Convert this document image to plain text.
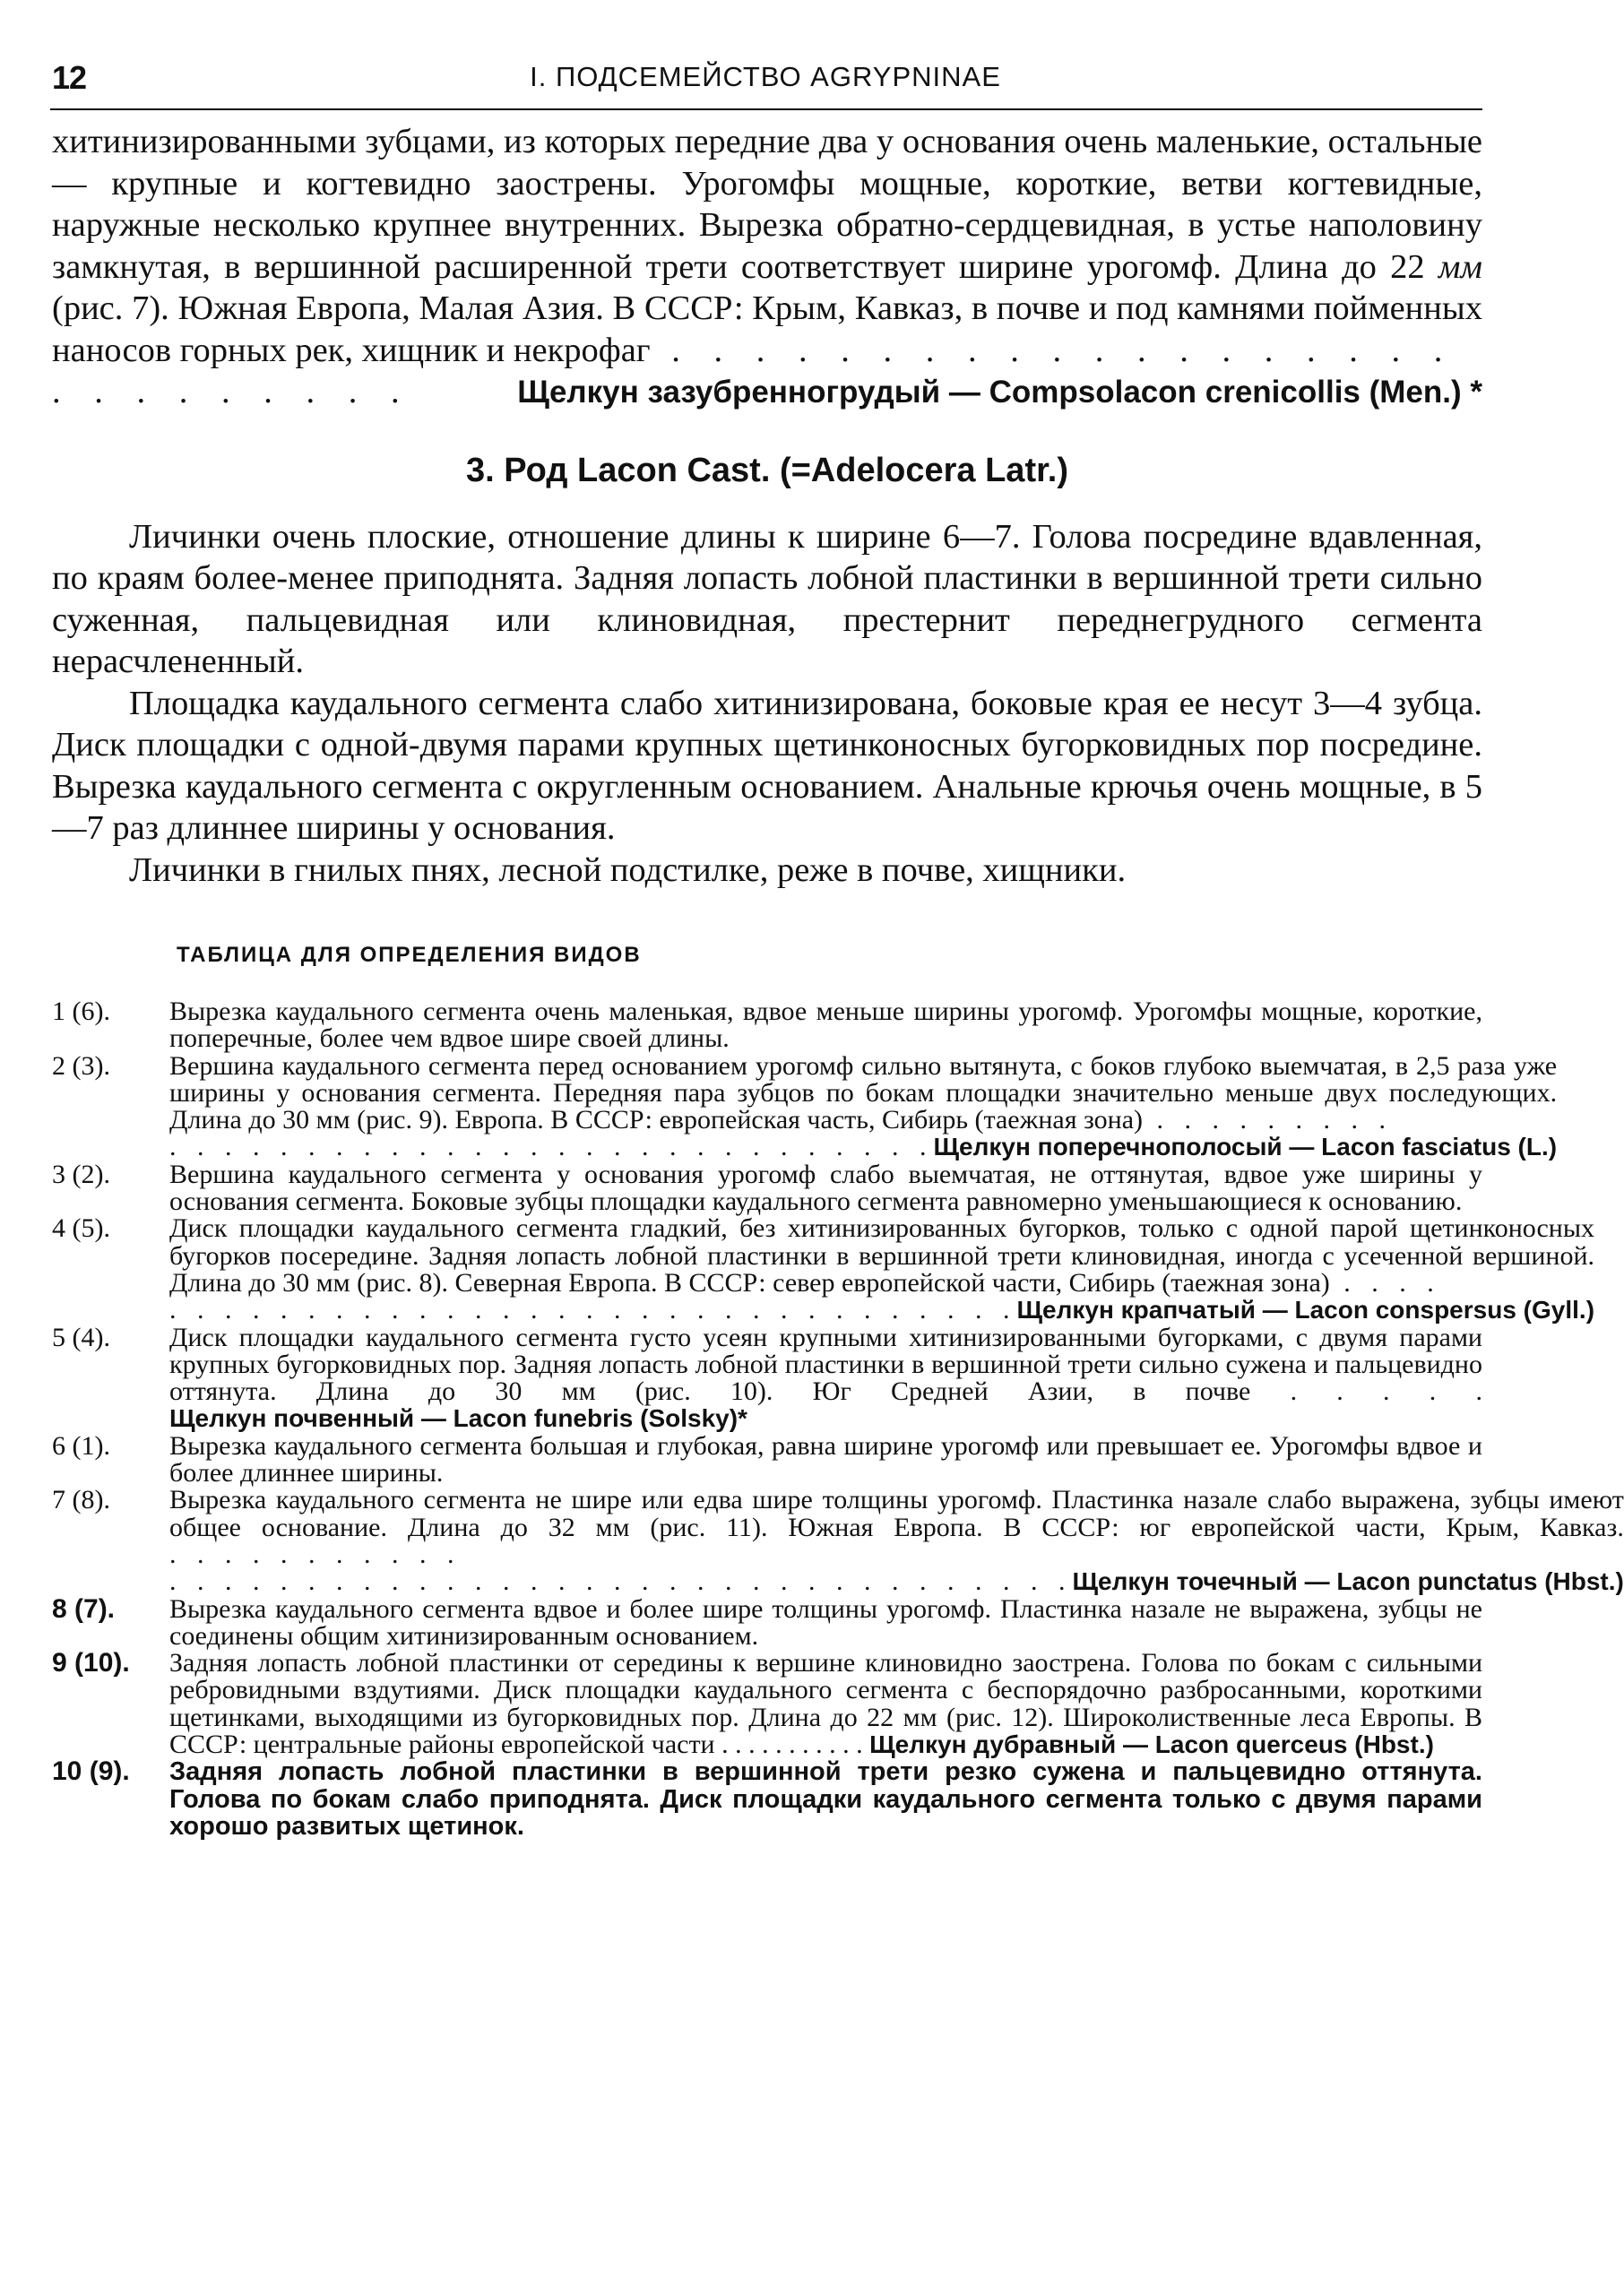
12	I. ПОДСЕМЕЙСТВО AGRYPNINAE

хитинизированными зубцами, из которых передние два у основания очень маленькие, остальные — крупные и когтевидно заострены. Урогомфы мощные, короткие, ветви когтевидные, наружные несколько крупнее внутренних. Вырезка обратно-сердцевидная, в устье наполовину замкнутая, в вершинной расширенной трети соответствует ширине урогомф. Длина до 22 мм (рис. 7). Южная Европа, Малая Азия. В СССР: Крым, Кавказ, в почве и под камнями пойменных наносов горных рек, хищник и некрофаг . . . . . . . . . . . . . . . . . . .

. . . . . . . . .	Щелкун зазубренногрудый — Compsolacon crenicollis (Men.) *
3. Род Lacon Cast. (=Adelocera Latr.)

Личинки очень плоские, отношение длины к ширине 6—7. Голова посредине вдавленная, по краям более-менее приподнята. Задняя лопасть лобной пластинки в вершинной трети сильно суженная, пальцевидная или клиновидная, престернит переднегрудного сегмента нерасчлененный.

Площадка каудального сегмента слабо хитинизирована, боковые края ее несут 3—4 зубца. Диск площадки с одной-двумя парами крупных щетинконосных бугорковидных пор посредине. Вырезка каудального сегмента с округленным основанием. Анальные крючья очень мощные, в 5—7 раз длиннее ширины у основания.

Личинки в гнилых пнях, лесной подстилке, реже в почве, хищники.

ТАБЛИЦА ДЛЯ ОПРЕДЕЛЕНИЯ ВИДОВ
1 (6).	Вырезка каудального сегмента очень маленькая, вдвое меньше ширины урогомф. Урогомфы мощные, короткие, поперечные, более чем вдвое шире своей длины.
2 (3).	Вершина каудального сегмента перед основанием урогомф сильно вытянута, с боков глубоко выемчатая, в 2,5 раза уже ширины у основания сегмента. Передняя пара зубцов по бокам площадки значительно меньше двух последующих. Длина до 30 мм (рис. 9). Европа. В СССР: европейская часть, Сибирь (таежная зона) . . . . . . . . .
. . . . . . . . . . . . . . . . . . . . . . . . . . . . Щелкун поперечнополосый — Lacon fasciatus (L.)
3 (2).	Вершина каудального сегмента у основания урогомф слабо выемчатая, не оттянутая, вдвое уже ширины у основания сегмента. Боковые зубцы площадки каудального сегмента равномерно уменьшающиеся к основанию.
4 (5).	Диск площадки каудального сегмента гладкий, без хитинизированных бугорков, только с одной парой щетинконосных бугорков посередине. Задняя лопасть лобной пластинки в вершинной трети клиновидная, иногда с усеченной вершиной. Длина до 30 мм (рис. 8). Северная Европа. В СССР: север европейской части, Сибирь (таежная зона) . . . .
. . . . . . . . . . . . . . . . . . . . . . . . . . . . . . . Щелкун крапчатый — Lacon conspersus (Gyll.)
5 (4).	Диск площадки каудального сегмента густо усеян крупными хитинизированными бугорками, с двумя парами крупных бугорковидных пор. Задняя лопасть лобной пластинки в вершинной трети сильно сужена и пальцевидно оттянута. Длина до 30 мм (рис. 10). Юг Средней Азии, в почве . . . . . Щелкун почвенный — Lacon funebris (Solsky)*
6 (1).	Вырезка каудального сегмента большая и глубокая, равна ширине урогомф или превышает ее. Урогомфы вдвое и более длиннее ширины.
7 (8).	Вырезка каудального сегмента не шире или едва шире толщины урогомф. Пластинка назале слабо выражена, зубцы имеют общее основание. Длина до 32 мм (рис. 11). Южная Европа. В СССР: юг европейской части, Крым, Кавказ. . . . . . . . . . . .
. . . . . . . . . . . . . . . . . . . . . . . . . . . . . . . . . Щелкун точечный — Lacon punctatus (Hbst.)
8 (7).	Вырезка каудального сегмента вдвое и более шире толщины урогомф. Пластинка назале не выражена, зубцы не соединены общим хитинизированным основанием.
9 (10).	Задняя лопасть лобной пластинки от середины к вершине клиновидно заострена. Голова по бокам с сильными ребровидными вздутиями. Диск площадки каудального сегмента с беспорядочно разбросанными, короткими щетинками, выходящими из бугорковидных пор. Длина до 22 мм (рис. 12). Широколиственные леса Европы. В СССР: центральные районы европейской части . . . . . . . . . . . Щелкун дубравный — Lacon quercеus (Hbst.)
10 (9).	Задняя лопасть лобной пластинки в вершинной трети резко сужена и пальцевидно оттянута. Голова по бокам слабо приподнята. Диск площадки каудального сегмента только с двумя парами хорошо развитых щетинок.
